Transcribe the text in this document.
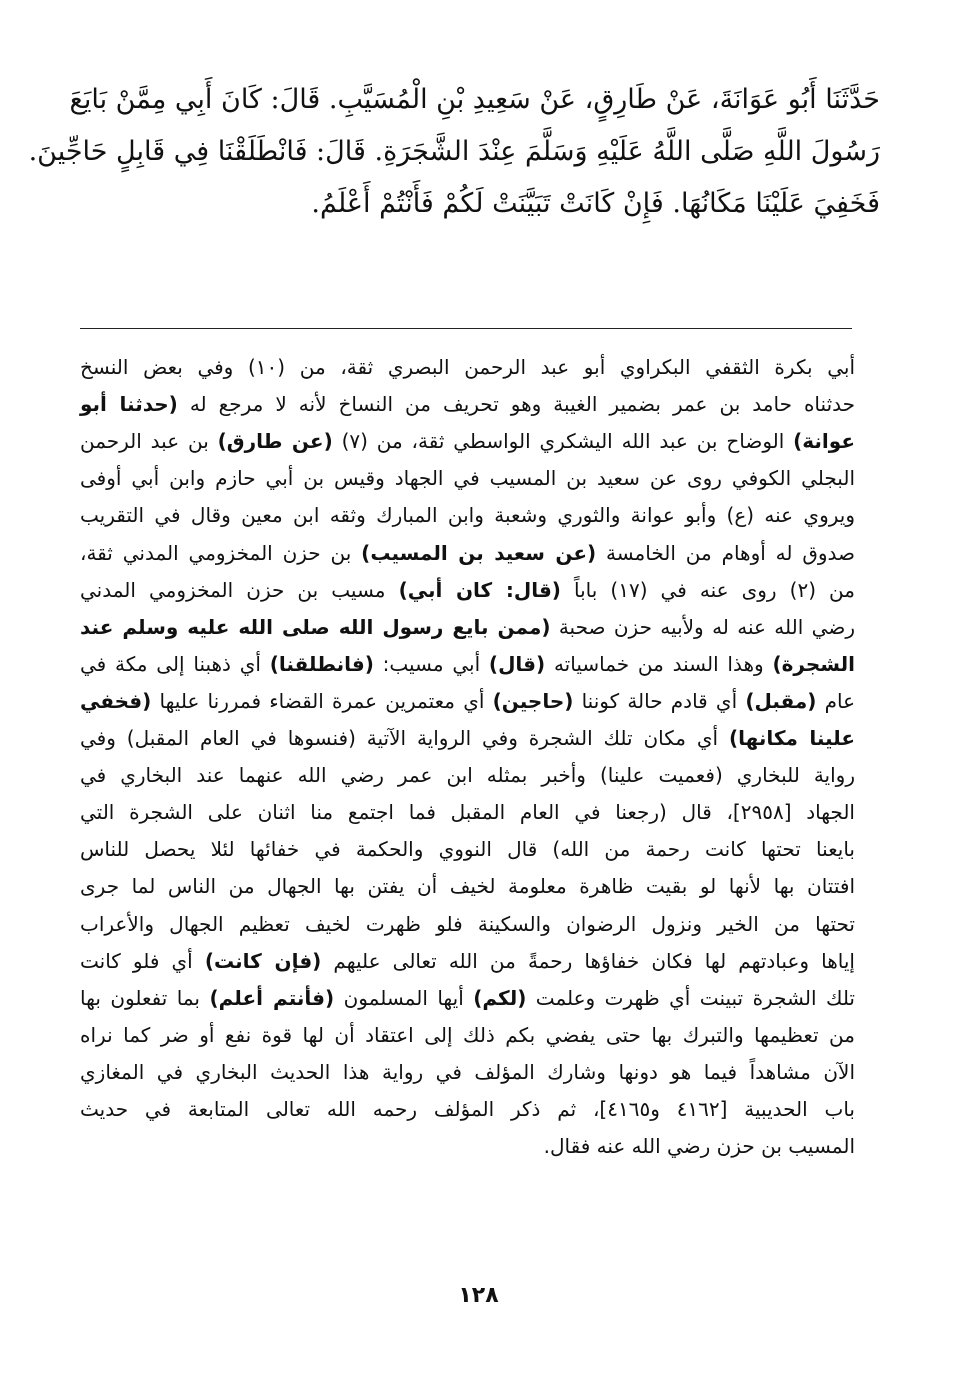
حَدَّثَنَا أَبُو عَوَانَةَ، عَنْ طَارِقٍ، عَنْ سَعِيدِ بْنِ الْمُسَيَّبِ. قَالَ: كَانَ أَبِي مِمَّنْ بَايَعَ
رَسُولَ اللَّهِ صَلَّى اللَّهُ عَلَيْهِ وَسَلَّمَ عِنْدَ الشَّجَرَةِ. قَالَ: فَانْطَلَقْنَا فِي قَابِلٍ حَاجِّينَ.
فَخَفِيَ عَلَيْنَا مَكَانُهَا. فَإِنْ كَانَتْ تَبَيَّنَتْ لَكُمْ فَأَنْتُمْ أَعْلَمُ.
أبي بكرة الثقفي البكراوي أبو عبد الرحمن البصري ثقة، من (١٠) وفي بعض النسخ
حدثناه حامد بن عمر بضمير الغيبة وهو تحريف من النساخ لأنه لا مرجع له (حدثنا أبو
عوانة) الوضاح بن عبد الله اليشكري الواسطي ثقة، من (٧) (عن طارق) بن عبد الرحمن
البجلي الكوفي روى عن سعيد بن المسيب في الجهاد وقيس بن أبي حازم وابن أبي أوفى
ويروي عنه (ع) وأبو عوانة والثوري وشعبة وابن المبارك وثقه ابن معين وقال في التقريب
صدوق له أوهام من الخامسة (عن سعيد بن المسيب) بن حزن المخزومي المدني ثقة،
من (٢) روى عنه في (١٧) باباً (قال: كان أبي) مسيب بن حزن المخزومي المدني
رضي الله عنه له ولأبيه حزن صحبة (ممن بايع رسول الله صلى الله عليه وسلم عند
الشجرة) وهذا السند من خماسياته (قال) أبي مسيب: (فانطلقنا) أي ذهبنا إلى مكة في
عام (مقبل) أي قادم حالة كوننا (حاجين) أي معتمرين عمرة القضاء فمررنا عليها (فخفي
علينا مكانها) أي مكان تلك الشجرة وفي الرواية الآتية (فنسوها في العام المقبل) وفي
رواية للبخاري (فعميت علينا) وأخبر بمثله ابن عمر رضي الله عنهما عند البخاري في
الجهاد [٢٩٥٨]، قال (رجعنا في العام المقبل فما اجتمع منا اثنان على الشجرة التي
بايعنا تحتها كانت رحمة من الله) قال النووي والحكمة في خفائها لئلا يحصل للناس
افتتان بها لأنها لو بقيت ظاهرة معلومة لخيف أن يفتن بها الجهال من الناس لما جرى
تحتها من الخير ونزول الرضوان والسكينة فلو ظهرت لخيف تعظيم الجهال والأعراب
إياها وعبادتهم لها فكان خفاؤها رحمةً من الله تعالى عليهم (فإن كانت) أي فلو كانت
تلك الشجرة تبينت أي ظهرت وعلمت (لكم) أيها المسلمون (فأنتم أعلم) بما تفعلون بها
من تعظيمها والتبرك بها حتى يفضي بكم ذلك إلى اعتقاد أن لها قوة نفع أو ضر كما نراه
الآن مشاهداً فيما هو دونها وشارك المؤلف في رواية هذا الحديث البخاري في المغازي
باب الحديبية [٤١٦٢ و٤١٦٥]، ثم ذكر المؤلف رحمه الله تعالى المتابعة في حديث
المسيب بن حزن رضي الله عنه فقال.
١٢٨
